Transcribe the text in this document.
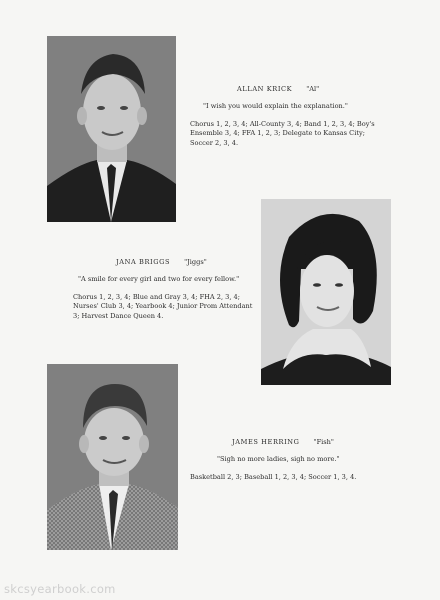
ALLAN KRICK "Al"
"I wish you would explain the explanation."
Chorus 1, 2, 3, 4; All-County 3, 4; Band 1, 2, 3, 4; Boy's
Ensemble 3, 4; FFA 1, 2, 3; Delegate to Kansas City;
Soccer 2, 3, 4.
JANA BRIGGS "Jiggs"
"A smile for every girl and two for every fellow."
Chorus 1, 2, 3, 4; Blue and Gray 3, 4; FHA 2, 3, 4;
Nurses' Club 3, 4; Yearbook 4; Junior Prom Attendant
3; Harvest Dance Queen 4.
JAMES HERRING "Fish"
"Sigh no more ladies, sigh no more."
Basketball 2, 3; Baseball 1, 2, 3, 4; Soccer 1, 3, 4.
skcsyearbook.com
